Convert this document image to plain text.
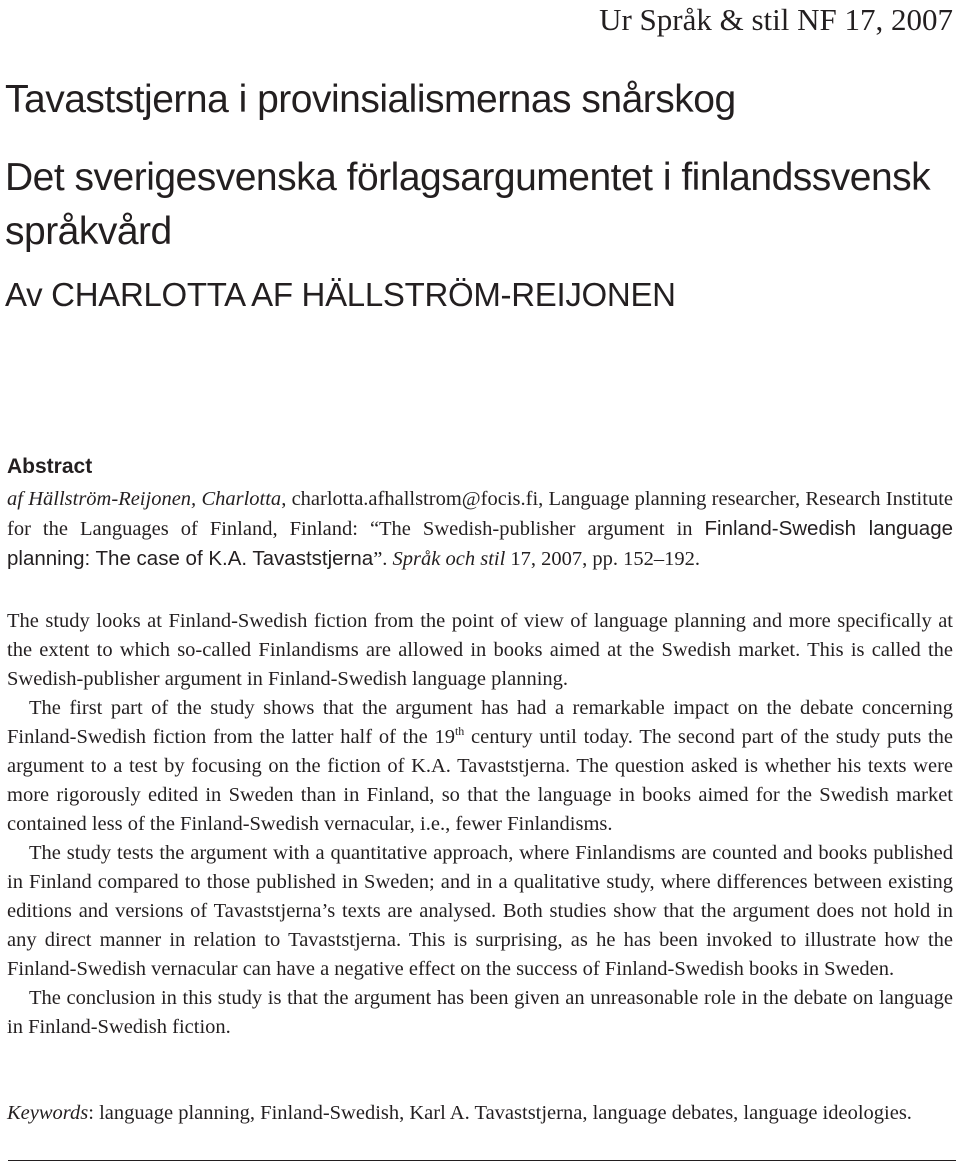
Ur Språk & stil NF 17, 2007
Tavaststjerna i provinsialismernas snårskog
Det sverigesvenska förlagsargumentet i finlandssvensk språkvård
Av CHARLOTTA AF HÄLLSTRÖM-REIJONEN
Abstract

af Hällström-Reijonen, Charlotta, charlotta.afhallstrom@focis.fi, Language planning researcher, Research Institute for the Languages of Finland, Finland: “The Swedish-publisher argument in Finland-Swedish language planning: The case of K.A. Tavaststjerna”. Språk och stil 17, 2007, pp. 152–192.

The study looks at Finland-Swedish fiction from the point of view of language planning and more specifically at the extent to which so-called Finlandisms are allowed in books aimed at the Swedish market. This is called the Swedish-publisher argument in Finland-Swedish language planning.

The first part of the study shows that the argument has had a remarkable impact on the debate concerning Finland-Swedish fiction from the latter half of the 19th century until today. The second part of the study puts the argument to a test by focusing on the fiction of K.A. Tavaststjerna. The question asked is whether his texts were more rigorously edited in Sweden than in Finland, so that the language in books aimed for the Swedish market contained less of the Finland-Swedish vernacular, i.e., fewer Finlandisms.

The study tests the argument with a quantitative approach, where Finlandisms are counted and books published in Finland compared to those published in Sweden; and in a qualitative study, where differences between existing editions and versions of Tavaststjerna’s texts are analysed. Both studies show that the argument does not hold in any direct manner in relation to Tavaststjerna. This is surprising, as he has been invoked to illustrate how the Finland-Swedish vernacular can have a negative effect on the success of Finland-Swedish books in Sweden.

The conclusion in this study is that the argument has been given an unreasonable role in the debate on language in Finland-Swedish fiction.

Keywords: language planning, Finland-Swedish, Karl A. Tavaststjerna, language debates, language ideologies.
